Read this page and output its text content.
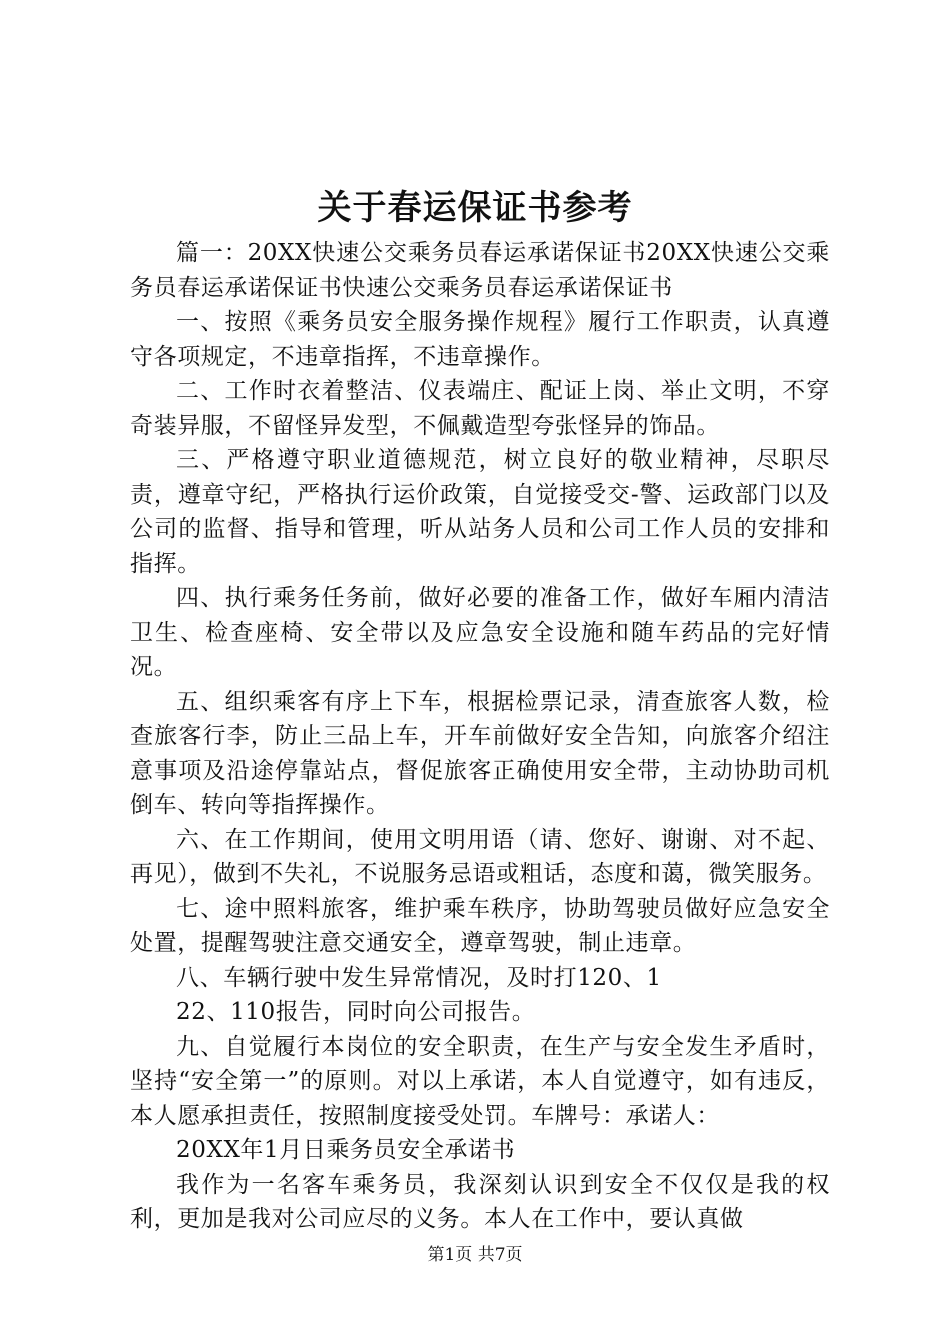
关于春运保证书参考

篇一：20XX快速公交乘务员春运承诺保证书20XX快速公交乘务员春运承诺保证书快速公交乘务员春运承诺保证书

一、按照《乘务员安全服务操作规程》履行工作职责，认真遵守各项规定，不违章指挥，不违章操作。

二、工作时衣着整洁、仪表端庄、配证上岗、举止文明，不穿奇装异服，不留怪异发型，不佩戴造型夸张怪异的饰品。

三、严格遵守职业道德规范，树立良好的敬业精神，尽职尽责，遵章守纪，严格执行运价政策，自觉接受交-警、运政部门以及公司的监督、指导和管理，听从站务人员和公司工作人员的安排和指挥。

四、执行乘务任务前，做好必要的准备工作，做好车厢内清洁卫生、检查座椅、安全带以及应急安全设施和随车药品的完好情况。

五、组织乘客有序上下车，根据检票记录，清查旅客人数，检查旅客行李，防止三品上车，开车前做好安全告知，向旅客介绍注意事项及沿途停靠站点，督促旅客正确使用安全带，主动协助司机倒车、转向等指挥操作。

六、在工作期间，使用文明用语（请、您好、谢谢、对不起、再见），做到不失礼，不说服务忌语或粗话，态度和蔼，微笑服务。

七、途中照料旅客，维护乘车秩序，协助驾驶员做好应急安全处置，提醒驾驶注意交通安全，遵章驾驶，制止违章。

八、车辆行驶中发生异常情况，及时打120、1

22、110报告，同时向公司报告。

九、自觉履行本岗位的安全职责，在生产与安全发生矛盾时，坚持“安全第一”的原则。对以上承诺，本人自觉遵守，如有违反，本人愿承担责任，按照制度接受处罚。车牌号：承诺人：

20XX年1月日乘务员安全承诺书

我作为一名客车乘务员，我深刻认识到安全不仅仅是我的权利，更加是我对公司应尽的义务。本人在工作中，要认真做

第1页 共7页
